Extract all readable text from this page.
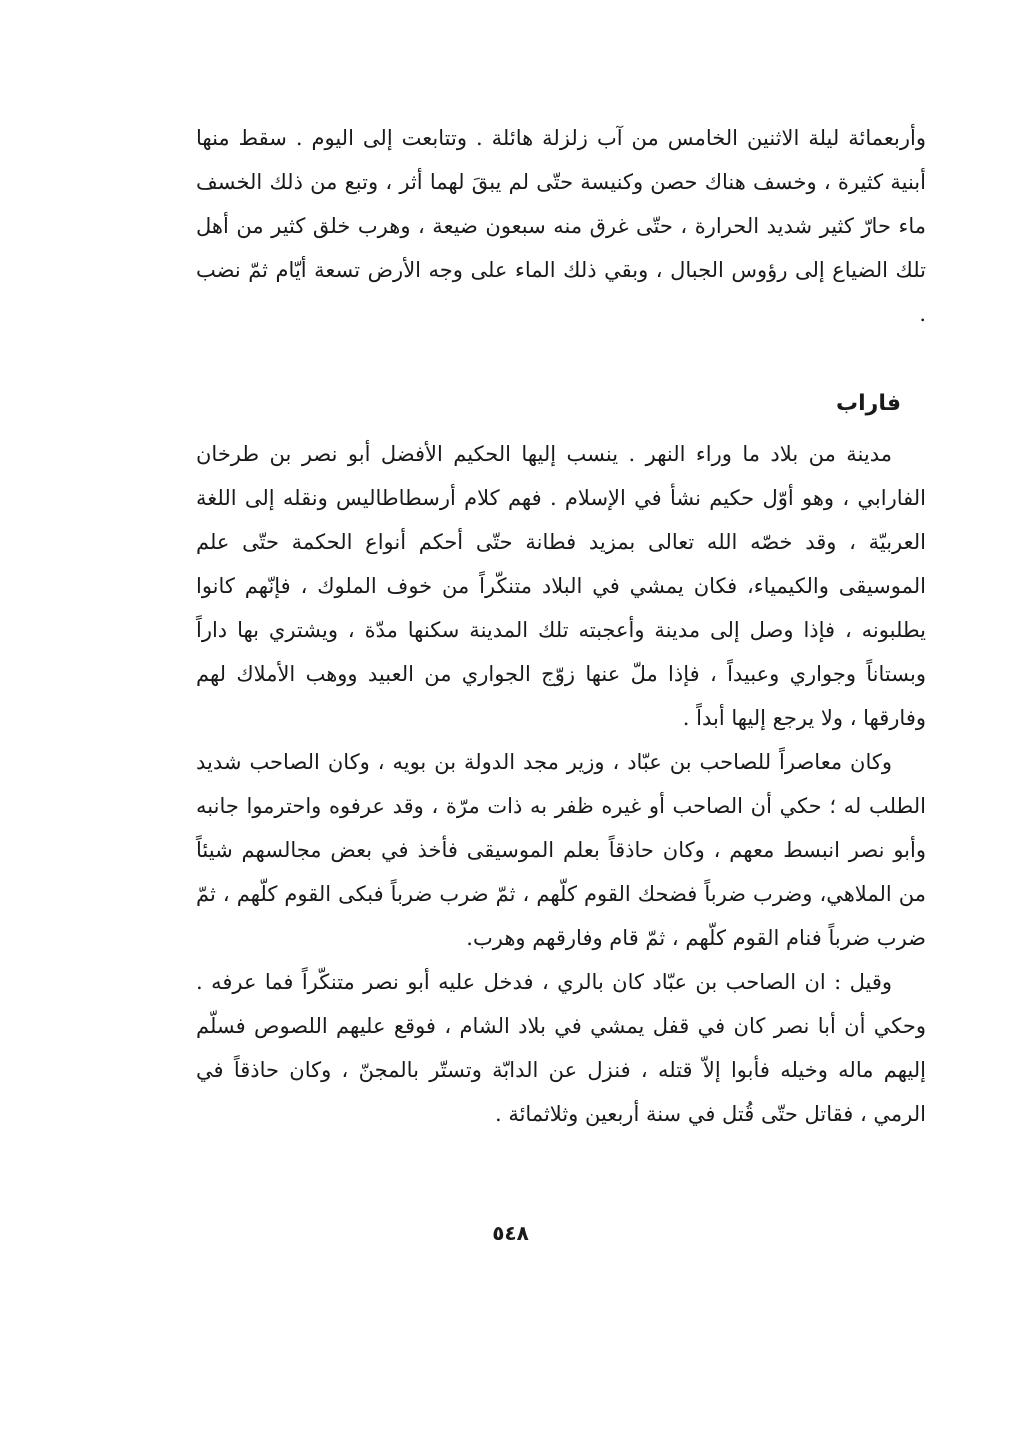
وأربعمائة ليلة الاثنين الخامس من آب زلزلة هائلة . وتتابعت إلى اليوم . سقط منها أبنية كثيرة ، وخسف هناك حصن وكنيسة حتّى لم يبقَ لهما أثر ، وتبع من ذلك الخسف ماء حارّ كثير شديد الحرارة ، حتّى غرق منه سبعون ضيعة ، وهرب خلق كثير من أهل تلك الضياع إلى رؤوس الجبال ، وبقي ذلك الماء على وجه الأرض تسعة أيّام ثمّ نضب .

فاراب

مدينة من بلاد ما وراء النهر . ينسب إليها الحكيم الأفضل أبو نصر بن طرخان الفارابي ، وهو أوّل حكيم نشأ في الإسلام . فهم كلام أرسطاطاليس ونقله إلى اللغة العربيّة ، وقد خصّه الله تعالى بمزيد فطانة حتّى أحكم أنواع الحكمة حتّى علم الموسيقى والكيمياء، فكان يمشي في البلاد متنكّراً من خوف الملوك ، فإنّهم كانوا يطلبونه ، فإذا وصل إلى مدينة وأعجبته تلك المدينة سكنها مدّة ، ويشتري بها داراً وبستاناً وجواري وعبيداً ، فإذا ملّ عنها زوّج الجواري من العبيد ووهب الأملاك لهم وفارقها ، ولا يرجع إليها أبداً .

وكان معاصراً للصاحب بن عبّاد ، وزير مجد الدولة بن بويه ، وكان الصاحب شديد الطلب له ؛ حكي أن الصاحب أو غيره ظفر به ذات مرّة ، وقد عرفوه واحترموا جانبه وأبو نصر انبسط معهم ، وكان حاذقاً بعلم الموسيقى فأخذ في بعض مجالسهم شيئاً من الملاهي، وضرب ضرباً فضحك القوم كلّهم ، ثمّ ضرب ضرباً فبكى القوم كلّهم ، ثمّ ضرب ضرباً فنام القوم كلّهم ، ثمّ قام وفارقهم وهرب.

وقيل : ان الصاحب بن عبّاد كان بالري ، فدخل عليه أبو نصر متنكّراً فما عرفه . وحكي أن أبا نصر كان في قفل يمشي في بلاد الشام ، فوقع عليهم اللصوص فسلّم إليهم ماله وخيله فأبوا إلاّ قتله ، فنزل عن الدابّة وتستّر بالمجنّ ، وكان حاذقاً في الرمي ، فقاتل حتّى قُتل في سنة أربعين وثلاثمائة .

٥٤٨
